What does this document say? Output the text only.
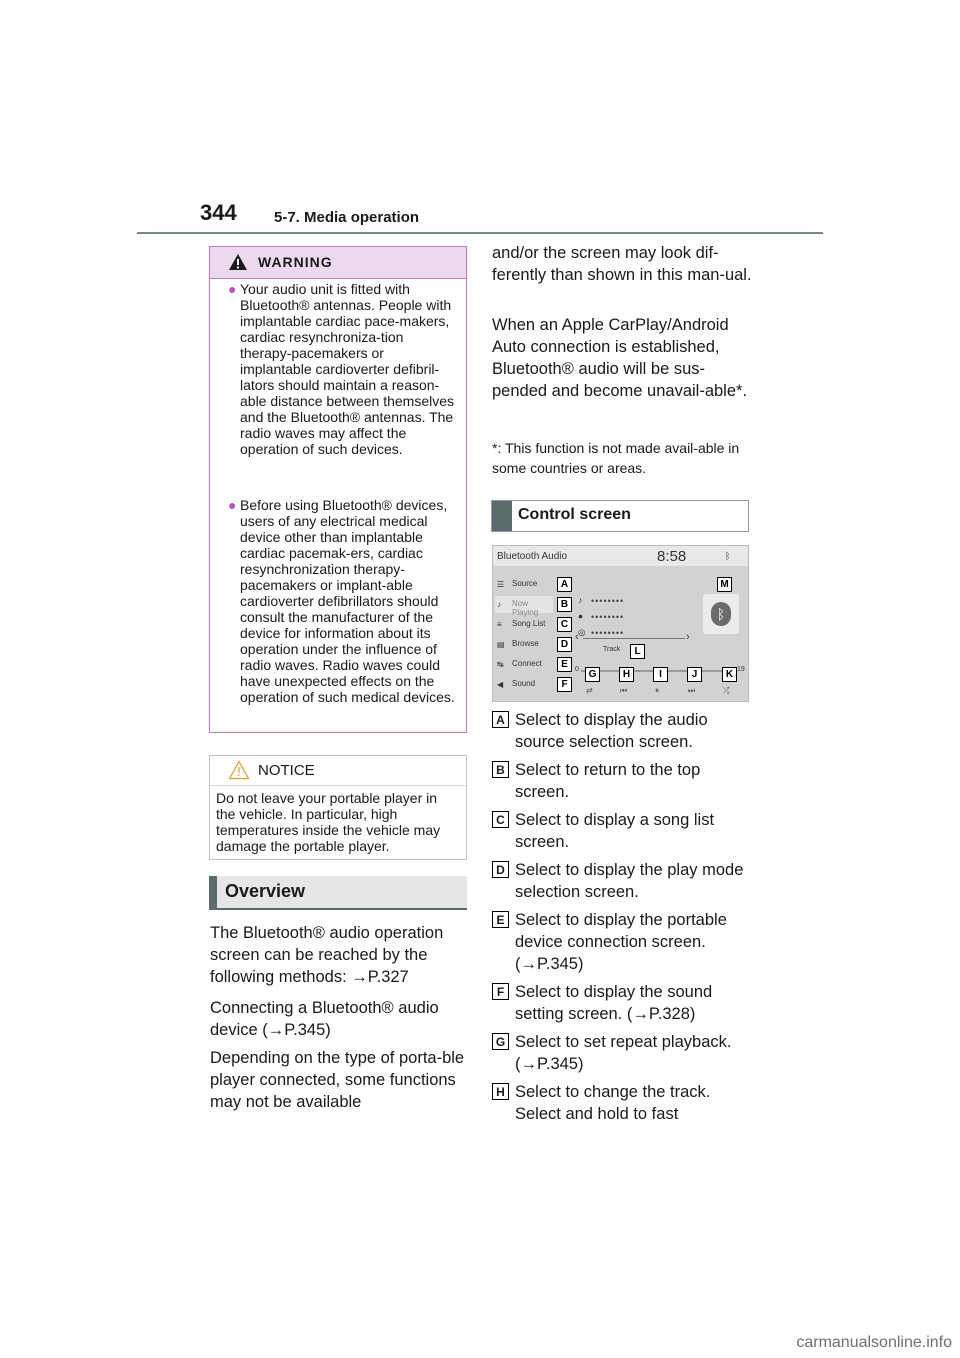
344 5-7. Media operation
WARNING
● Your audio unit is fitted with Bluetooth® antennas. People with implantable cardiac pace-makers, cardiac resynchroniza-tion therapy-pacemakers or implantable cardioverter defibril-lators should maintain a reason-able distance between themselves and the Bluetooth® antennas. The radio waves may affect the operation of such devices.
● Before using Bluetooth® devices, users of any electrical medical device other than implantable cardiac pacemak-ers, cardiac resynchronization therapy-pacemakers or implant-able cardioverter defibrillators should consult the manufacturer of the device for information about its operation under the influence of radio waves. Radio waves could have unexpected effects on the operation of such medical devices.
NOTICE
Do not leave your portable player in the vehicle. In particular, high temperatures inside the vehicle may damage the portable player.
Overview
The Bluetooth® audio operation screen can be reached by the following methods: →P.327
Connecting a Bluetooth® audio device (→P.345)
Depending on the type of porta-ble player connected, some functions may not be available
and/or the screen may look dif-ferently than shown in this man-ual.
When an Apple CarPlay/Android Auto connection is established, Bluetooth® audio will be sus-pended and become unavail-able*.
*: This function is not made avail-able in some countries or areas.
Control screen
Bluetooth Audio	8:58	ᛒ
☰ Source
♪ Now Playing
≡ Song List
▤ Browse
↹ Connect
◀ Sound
••••••••
••••••••
••••••••
♪
●
◎
‹	›
Track
ᛒ
0	19
⇄	⏮	⏸	⏭	⤮
A
B
C
D
E
F
G	H	I	J	K
L
M
A Select to display the audio source selection screen.
B Select to return to the top screen.
C Select to display a song list screen.
D Select to display the play mode selection screen.
E Select to display the portable device connection screen. (→P.345)
F Select to display the sound setting screen. (→P.328)
G Select to set repeat playback. (→P.345)
H Select to change the track. Select and hold to fast
carmanualsonline.info
